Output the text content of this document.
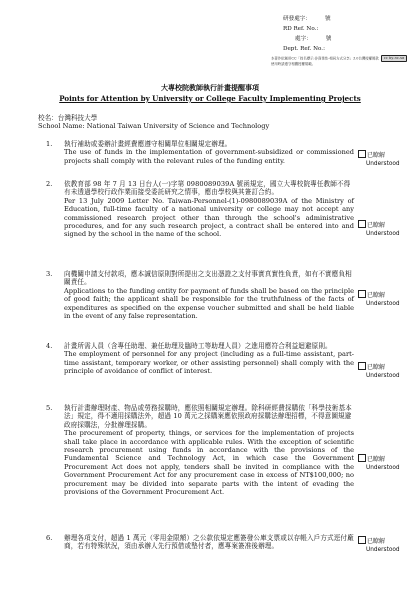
研發處字：　　　號
RD Ref. No.:
處字：　　　號
Dept. Ref. No.:
本著作依創用CC「姓名標示-非商業性-相同方式分享」3.0台灣授權條款 cc by-nc-sa
使用時請遵守相關授權規範。
大專校院教師執行計畫提醒事項
Points for Attention by University or College Faculty Implementing Projects
校名：台灣科技大學
School Name: National Taiwan University of Science and Technology
1. 執行補助或委辦計畫經費應遵守相關單位相關規定辦理。
The use of funds in the implementation of government-subsidized or commissioned projects shall comply with the relevant rules of the funding entity.
已瞭解
Understood
2. 依教育部 98 年 7 月 13 日台人(一)字第 0980089039A 號函規定，國立大專校院專任教師不得有未透過學校行政作業而接受委託研究之情事，應由學校與其簽訂合約。
Per 13 July 2009 Letter No. Taiwan-Personnel-(1)-0980089039A of the Ministry of Education, full-time faculty of a national university or college may not accept any commissioned research project other than through the school's administrative procedures, and for any such research project, a contract shall be entered into and signed by the school in the name of the school.
已瞭解
Understood
3. 向機關申請支付款項，應本誠信原則對所提出之支出憑證之支付事實真實性負責，如有不實應負相關責任。
Applications to the funding entity for payment of funds shall be based on the principle of good faith; the applicant shall be responsible for the truthfulness of the facts of expenditures as specified on the expense voucher submitted and shall be held liable in the event of any false representation.
已瞭解
Understood
4. 計畫所需人員（含專任助理、兼任助理及臨時工等助理人員）之進用應符合利益迴避原則。
The employment of personnel for any project (including as a full-time assistant, part-time assistant, temporary worker, or other assisting personnel) shall comply with the principle of avoidance of conflict of interest.	已瞭解
Understood
5. 執行計畫辦理財產、物品或勞務採購時，應依照相關規定辦理。除科研經費採購依「科學技術基本法」規定，得不適用採購法外，超過 10 萬元之採購案應依照政府採購法辦理招標，不得意圖規避政府採購法，分批辦理採購。
The procurement of property, things, or services for the implementation of projects shall take place in accordance with applicable rules. With the exception of scientific research procurement using funds in accordance with the provisions of the Fundamental Science and Technology Act, in which case the Government Procurement Act does not apply, tenders shall be invited in compliance with the Government Procurement Act for any procurement case in excess of NT$100,000; no procurement may be divided into separate parts with the intent of evading the provisions of the Government Procurement Act.
已瞭解
Understood
6. 辦理各項支付，超過 1 萬元（零用金限額）之公款依規定應簽發公庫支票或以存帳入戶方式逕付廠商，若有特殊狀況，須由承辦人先行預借或墊付者，應專案簽准後辦理。
已瞭解
Understood
